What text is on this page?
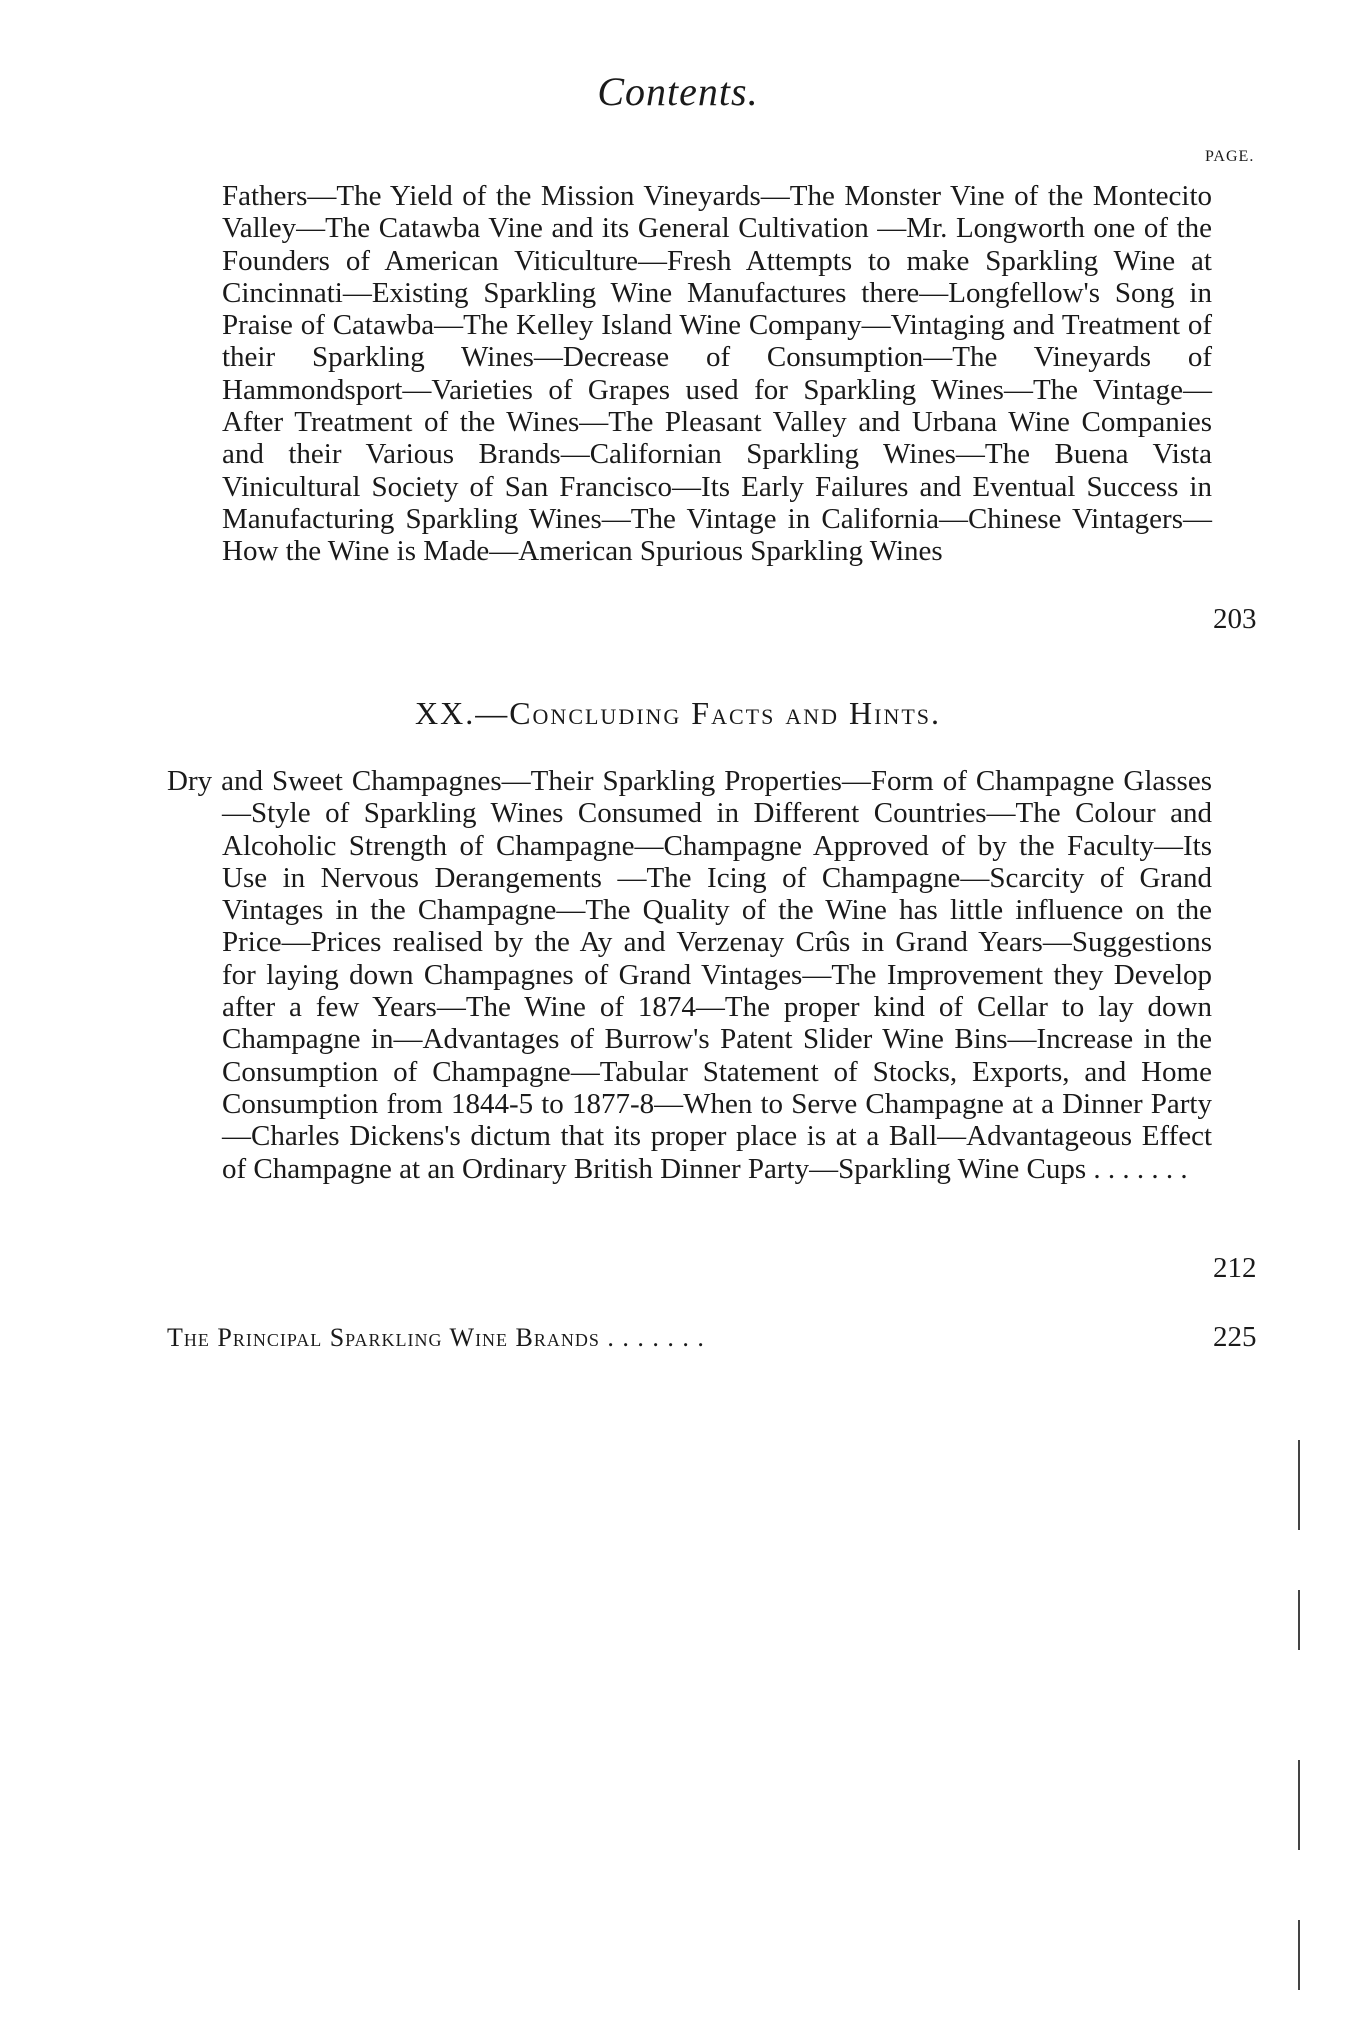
Contents.
PAGE.
Fathers—The Yield of the Mission Vineyards—The Monster Vine of the Montecito Valley—The Catawba Vine and its General Cultivation —Mr. Longworth one of the Founders of American Viticulture—Fresh Attempts to make Sparkling Wine at Cincinnati—Existing Sparkling Wine Manufactures there—Longfellow's Song in Praise of Catawba—The Kelley Island Wine Company—Vintaging and Treatment of their Sparkling Wines—Decrease of Consumption—The Vineyards of Hammondsport—Varieties of Grapes used for Sparkling Wines—The Vintage—After Treatment of the Wines—The Pleasant Valley and Urbana Wine Companies and their Various Brands—Californian Sparkling Wines—The Buena Vista Vinicultural Society of San Francisco—Its Early Failures and Eventual Success in Manufacturing Sparkling Wines—The Vintage in California—Chinese Vintagers—How the Wine is Made—American Spurious Sparkling Wines
203
XX.—Concluding Facts and Hints.
Dry and Sweet Champagnes—Their Sparkling Properties—Form of Champagne Glasses—Style of Sparkling Wines Consumed in Different Countries—The Colour and Alcoholic Strength of Champagne—Champagne Approved of by the Faculty—Its Use in Nervous Derangements —The Icing of Champagne—Scarcity of Grand Vintages in the Champagne—The Quality of the Wine has little influence on the Price—Prices realised by the Ay and Verzenay Crûs in Grand Years—Suggestions for laying down Champagnes of Grand Vintages—The Improvement they Develop after a few Years—The Wine of 1874—The proper kind of Cellar to lay down Champagne in—Advantages of Burrow's Patent Slider Wine Bins—Increase in the Consumption of Champagne—Tabular Statement of Stocks, Exports, and Home Consumption from 1844-5 to 1877-8—When to Serve Champagne at a Dinner Party—Charles Dickens's dictum that its proper place is at a Ball—Advantageous Effect of Champagne at an Ordinary British Dinner Party—Sparkling Wine Cups . . . . . . .
212
The Principal Sparkling Wine Brands . . . . . . .	225
